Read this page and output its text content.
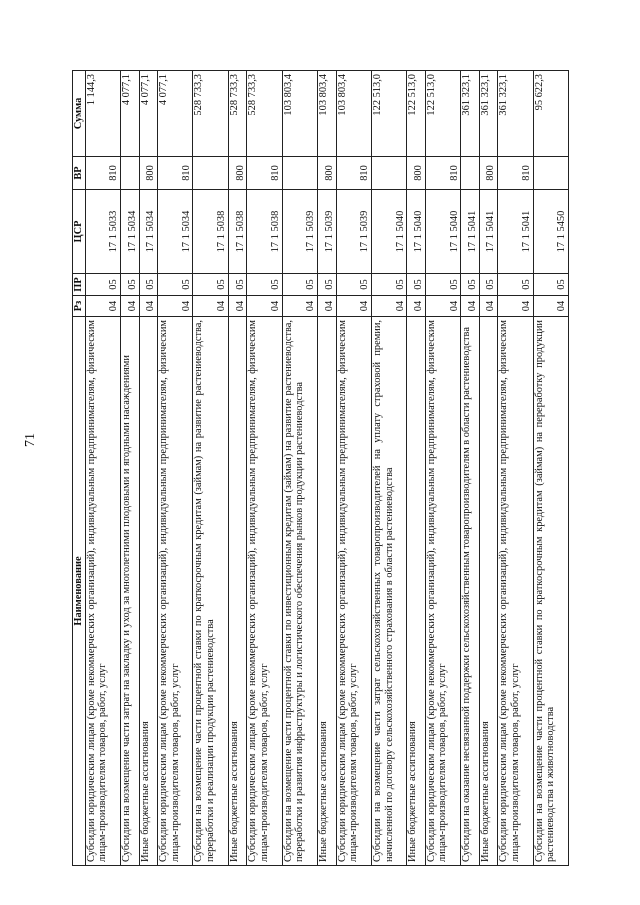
71
Наименование	Рз	ПР	ЦСР	ВР	Сумма
Субсидии юридическим лицам (кроме некоммерческих организаций), индивидуальным предпринимателям, физическим лицам-производителям товаров, работ, услуг	04	05	17 1 5033	810	1 144,3
Субсидии на возмещение части затрат на закладку и уход за многолетними плодовыми и ягодными насаждениями	04	05	17 1 5034		4 077,1
Иные бюджетные ассигнования	04	05	17 1 5034	800	4 077,1
Субсидии юридическим лицам (кроме некоммерческих организаций), индивидуальным предпринимателям, физическим лицам-производителям товаров, работ, услуг	04	05	17 1 5034	810	4 077,1
Субсидии на возмещение части процентной ставки по краткосрочным кредитам (займам) на развитие растениеводства, переработки и реализации продукции растениеводства	04	05	17 1 5038		528 733,3
Иные бюджетные ассигнования	04	05	17 1 5038	800	528 733,3
Субсидии юридическим лицам (кроме некоммерческих организаций), индивидуальным предпринимателям, физическим лицам-производителям товаров, работ, услуг	04	05	17 1 5038	810	528 733,3
Субсидии на возмещение части процентной ставки по инвестиционным кредитам (займам) на развитие растениеводства, переработки и развития инфраструктуры и логистического обеспечения рынков продукции растениеводства	04	05	17 1 5039		103 803,4
Иные бюджетные ассигнования	04	05	17 1 5039	800	103 803,4
Субсидии юридическим лицам (кроме некоммерческих организаций), индивидуальным предпринимателям, физическим лицам-производителям товаров, работ, услуг	04	05	17 1 5039	810	103 803,4
Субсидии на возмещение части затрат сельскохозяйственных товаропроизводителей на уплату страховой премии, начисленной по договору сельскохозяйственного страхования в области растениеводства	04	05	17 1 5040		122 513,0
Иные бюджетные ассигнования	04	05	17 1 5040	800	122 513,0
Субсидии юридическим лицам (кроме некоммерческих организаций), индивидуальным предпринимателям, физическим лицам-производителям товаров, работ, услуг	04	05	17 1 5040	810	122 513,0
Субсидии на оказание несвязанной поддержки сельскохозяйственным товаропроизводителям в области растениеводства	04	05	17 1 5041		361 323,1
Иные бюджетные ассигнования	04	05	17 1 5041	800	361 323,1
Субсидии юридическим лицам (кроме некоммерческих организаций), индивидуальным предпринимателям, физическим лицам-производителям товаров, работ, услуг	04	05	17 1 5041	810	361 323,1
Субсидии на возмещение части процентной ставки по краткосрочным кредитам (займам) на переработку продукции растениеводства и животноводства	04	05	17 1 5450		95 622,3
